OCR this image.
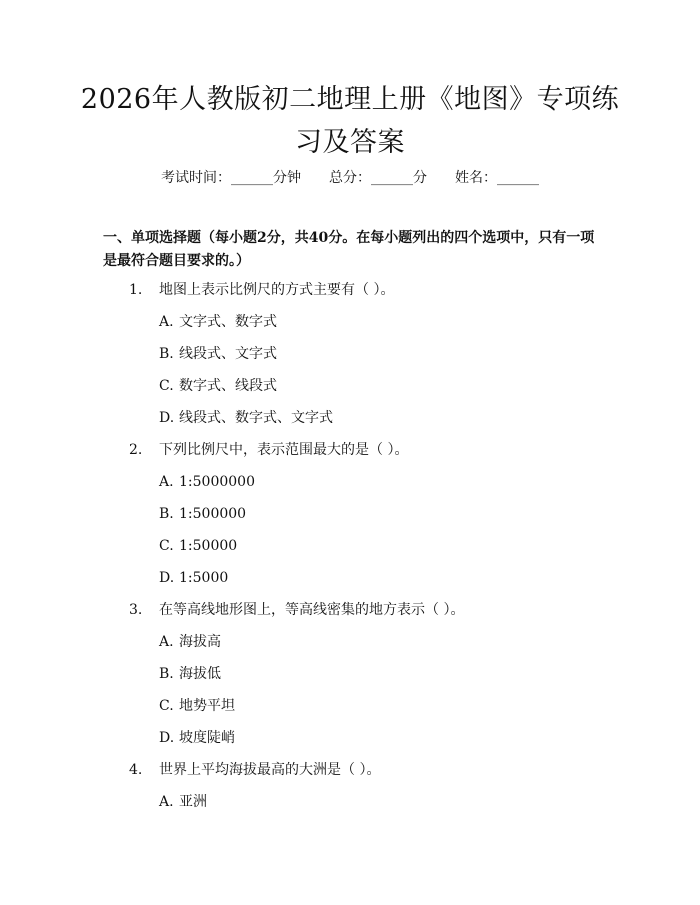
2026年人教版初二地理上册《地图》专项练习及答案
考试时间：______分钟 总分：______分 姓名：______

一、单项选择题（每小题2分，共40分。在每小题列出的四个选项中，只有一项是最符合题目要求的。）

1. 地图上表示比例尺的方式主要有（ ）。
A. 文字式、数字式
B. 线段式、文字式
C. 数字式、线段式
D. 线段式、数字式、文字式
2. 下列比例尺中，表示范围最大的是（ ）。
A. 1:5000000
B. 1:500000
C. 1:50000
D. 1:5000
3. 在等高线地形图上，等高线密集的地方表示（ ）。
A. 海拔高
B. 海拔低
C. 地势平坦
D. 坡度陡峭
4. 世界上平均海拔最高的大洲是（ ）。
A. 亚洲
